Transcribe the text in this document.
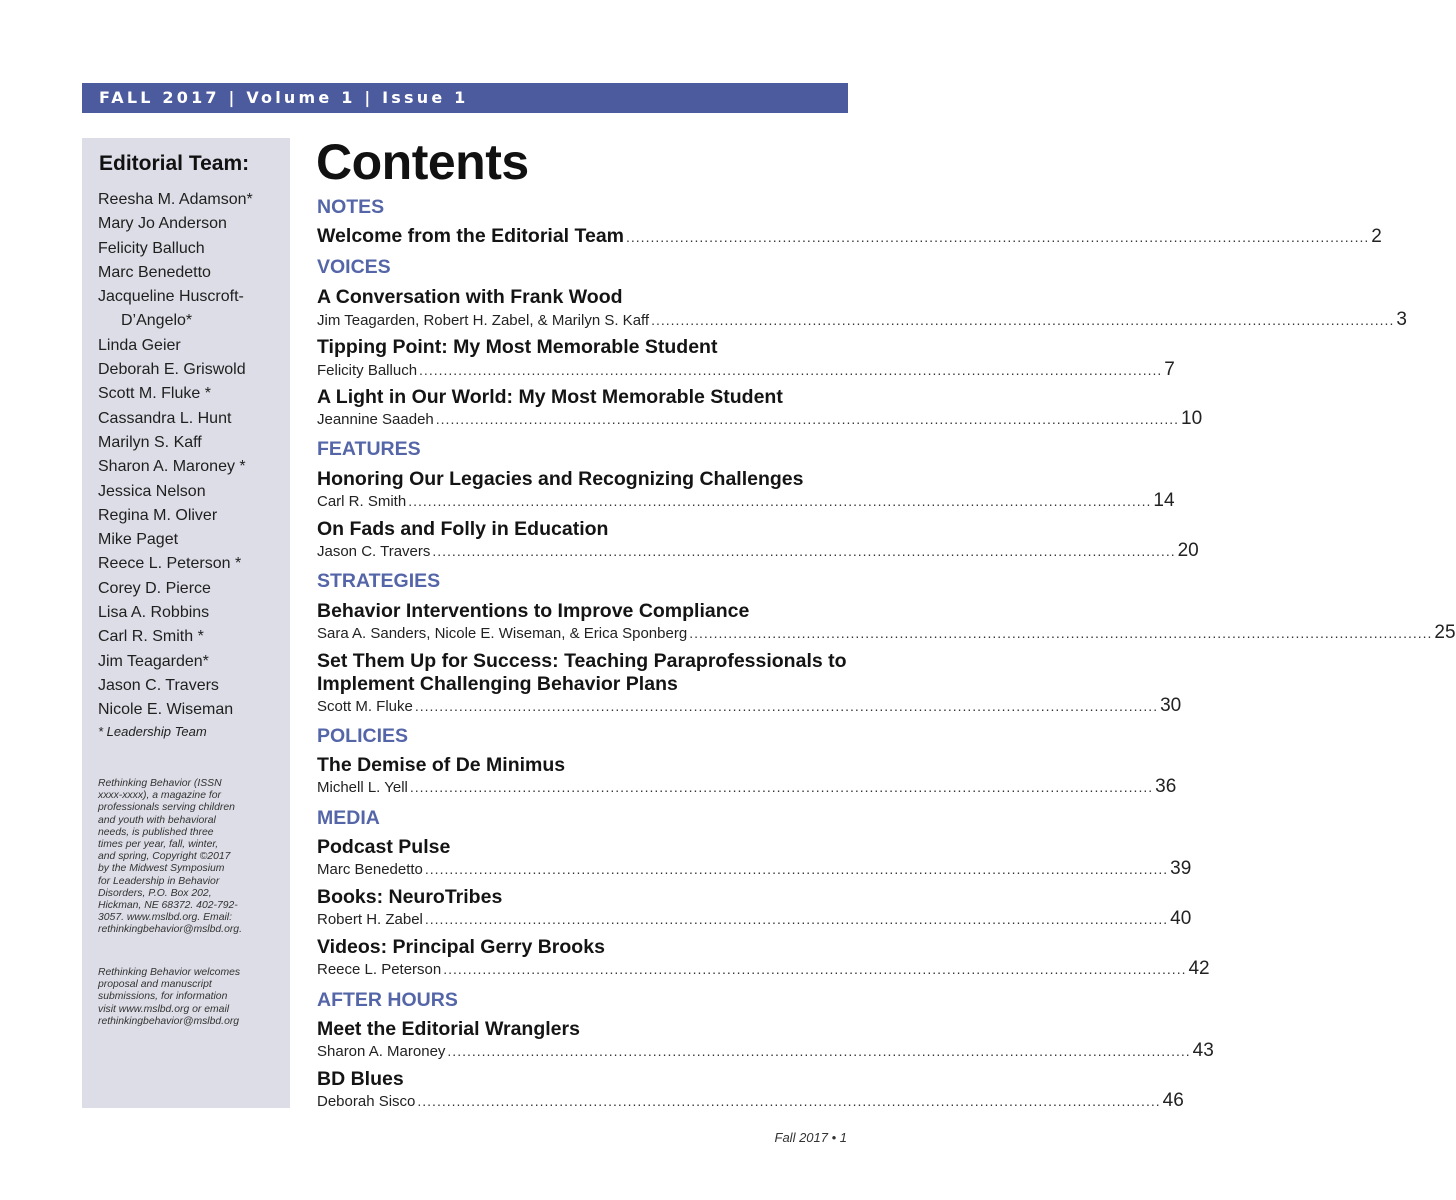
FALL 2017 | Volume 1 | Issue 1
Editorial Team:
Reesha M. Adamson*
Mary Jo Anderson
Felicity Balluch
Marc Benedetto
Jacqueline Huscroft-
D’Angelo*
Linda Geier
Deborah E. Griswold
Scott M. Fluke *
Cassandra L. Hunt
Marilyn S. Kaff
Sharon A. Maroney *
Jessica Nelson
Regina M. Oliver
Mike Paget
Reece L. Peterson *
Corey D. Pierce
Lisa A. Robbins
Carl R. Smith *
Jim Teagarden*
Jason C. Travers
Nicole E. Wiseman
* Leadership Team

Rethinking Behavior (ISSN
xxxx-xxxx), a magazine for
professionals serving children
and youth with behavioral
needs, is published three
times per year, fall, winter,
and spring, Copyright ©2017
by the Midwest Symposium
for Leadership in Behavior
Disorders, P.O. Box 202,
Hickman, NE 68372. 402-792-
3057. www.mslbd.org. Email:
rethinkingbehavior@mslbd.org.

Rethinking Behavior welcomes
proposal and manuscript
submissions, for information
visit www.mslbd.org or email
rethinkingbehavior@mslbd.org

Contents
NOTES
Welcome from the Editorial Team ........................................................................................................................................................ 2
VOICES
A Conversation with Frank Wood
Jim Teagarden, Robert H. Zabel, & Marilyn S. Kaff ........................................................................................................................................................ 3
Tipping Point: My Most Memorable Student
Felicity Balluch ........................................................................................................................................................ 7
A Light in Our World: My Most Memorable Student
Jeannine Saadeh ........................................................................................................................................................ 10
FEATURES
Honoring Our Legacies and Recognizing Challenges
Carl R. Smith ........................................................................................................................................................ 14
On Fads and Folly in Education
Jason C. Travers ........................................................................................................................................................ 20
STRATEGIES
Behavior Interventions to Improve Compliance
Sara A. Sanders, Nicole E. Wiseman, & Erica Sponberg ........................................................................................................................................................ 25
Set Them Up for Success: Teaching Paraprofessionals to
Implement Challenging Behavior Plans
Scott M. Fluke ........................................................................................................................................................ 30
POLICIES
The Demise of De Minimus
Michell L. Yell ........................................................................................................................................................ 36
MEDIA
Podcast Pulse
Marc Benedetto ........................................................................................................................................................ 39
Books: NeuroTribes
Robert H. Zabel ........................................................................................................................................................ 40
Videos: Principal Gerry Brooks
Reece L. Peterson ........................................................................................................................................................ 42
AFTER HOURS
Meet the Editorial Wranglers
Sharon A. Maroney ........................................................................................................................................................ 43
BD Blues
Deborah Sisco ........................................................................................................................................................ 46
Fall 2017 • 1
